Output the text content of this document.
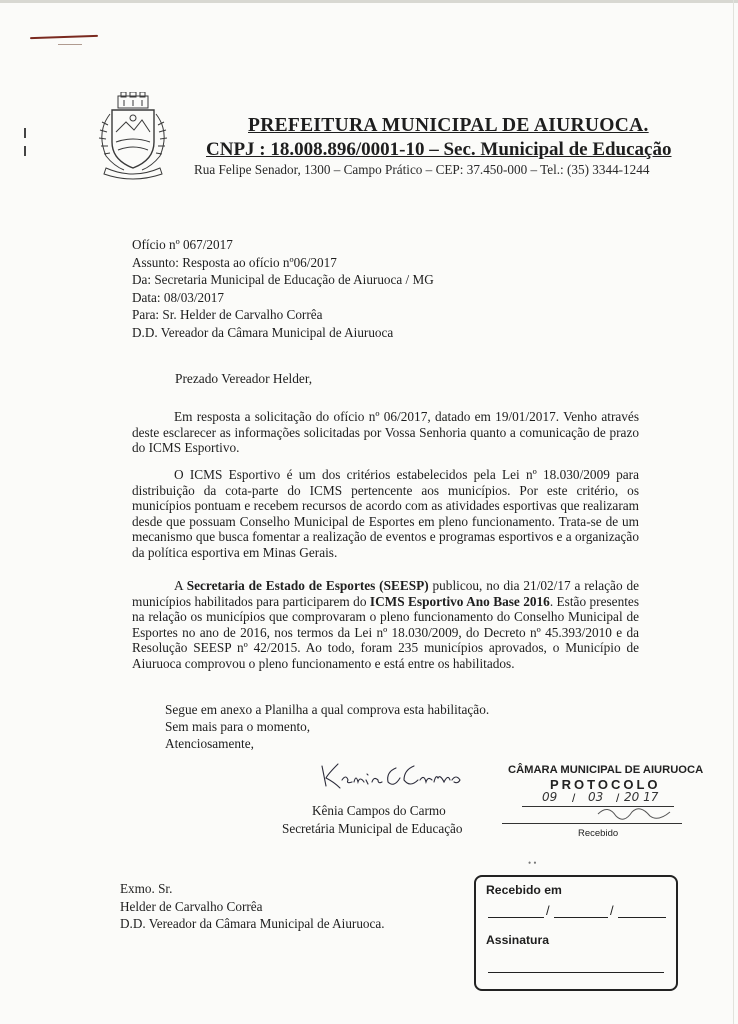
PREFEITURA MUNICIPAL DE AIURUOCA.
CNPJ : 18.008.896/0001-10 – Sec. Municipal de Educação
Rua Felipe Senador, 1300 – Campo Prático – CEP: 37.450-000 – Tel.: (35) 3344-1244
Ofício nº 067/2017
Assunto: Resposta ao ofício nº06/2017
Da: Secretaria Municipal de Educação de Aiuruoca / MG
Data: 08/03/2017
Para: Sr. Helder de Carvalho Corrêa
D.D. Vereador da Câmara Municipal de Aiuruoca
Prezado Vereador Helder,
Em resposta a solicitação do ofício nº 06/2017, datado em 19/01/2017. Venho através deste esclarecer as informações solicitadas por Vossa Senhoria quanto a comunicação de prazo do ICMS Esportivo.
O ICMS Esportivo é um dos critérios estabelecidos pela Lei nº 18.030/2009 para distribuição da cota-parte do ICMS pertencente aos municípios. Por este critério, os municípios pontuam e recebem recursos de acordo com as atividades esportivas que realizaram desde que possuam Conselho Municipal de Esportes em pleno funcionamento. Trata-se de um mecanismo que busca fomentar a realização de eventos e programas esportivos e a organização da política esportiva em Minas Gerais.
A Secretaria de Estado de Esportes (SEESP) publicou, no dia 21/02/17 a relação de municípios habilitados para participarem do ICMS Esportivo Ano Base 2016. Estão presentes na relação os municípios que comprovaram o pleno funcionamento do Conselho Municipal de Esportes no ano de 2016, nos termos da Lei nº 18.030/2009, do Decreto nº 45.393/2010 e da Resolução SEESP nº 42/2015. Ao todo, foram 235 municípios aprovados, o Município de Aiuruoca comprovou o pleno funcionamento e está entre os habilitados.
Segue em anexo a Planilha a qual comprova esta habilitação.
Sem mais para o momento,
Atenciosamente,
Kênia Campos do Carmo
Secretária Municipal de Educação
CÂMARA MUNICIPAL DE AIURUOCA
PROTOCOLO
09 / 03 / 20 17
Recebido
• •
Exmo. Sr.
Helder de Carvalho Corrêa
D.D. Vereador da Câmara Municipal de Aiuruoca.
Recebido em
/	/
Assinatura
